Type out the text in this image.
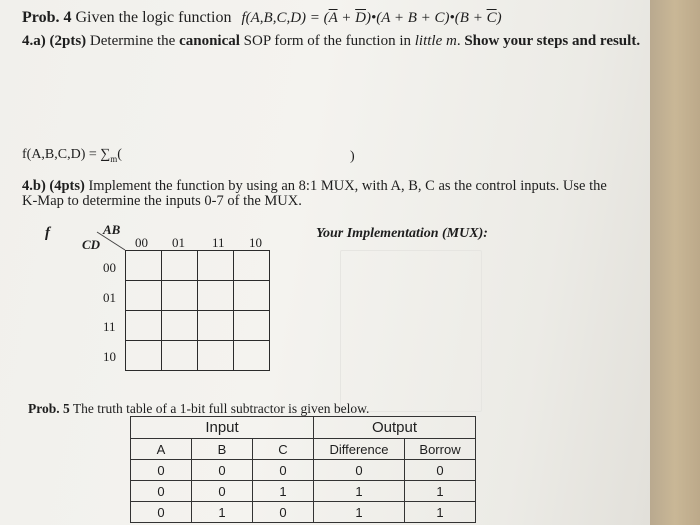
Prob. 4 Given the logic function $f(A,B,C,D) = (\overline{A}$ + $\overline{D})•(A + B$ + C)•(B + $\overline{C}$)
4.a) (2pts) Determine the canonical SOP form of the function in little m. Show your steps and result.
$f(A,B,C,D) = \sum_m$(	)
4.b) (4pts) Implement the function by using an 8:1 MUX, with A, B, C as the control inputs. Use the
K-Map to determine the inputs 0-7 of the MUX.
f	AB
CD	00 01 11 10
00
01
11
10

Your Implementation (MUX):
Prob. 5 The truth table of a 1-bit full subtractor is given below.
Input			Output	
A	B	C	Difference	Borrow
0	0	0	0	0
0	0	1	1	1
0	1	0	1	1
